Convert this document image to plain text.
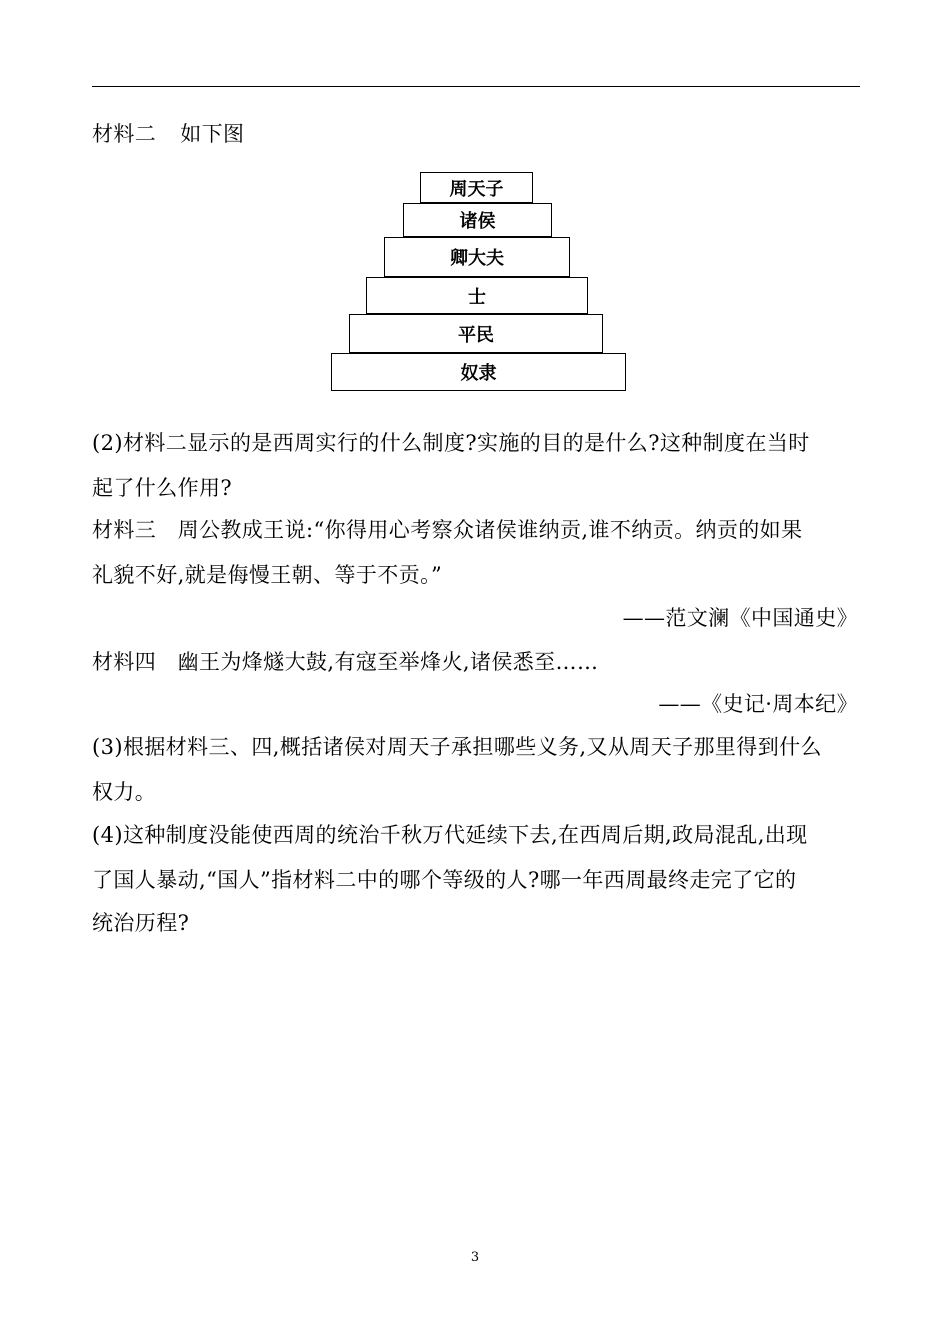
材料二 如下图
周天子
诸侯
卿大夫
士
平民
奴隶
(2)材料二显示的是西周实行的什么制度?实施的目的是什么?这种制度在当时
起了什么作用?
材料三　周公教成王说:“你得用心考察众诸侯谁纳贡,谁不纳贡。纳贡的如果
礼貌不好,就是侮慢王朝、等于不贡。”
——范文澜《中国通史》
材料四　幽王为烽燧大鼓,有寇至举烽火,诸侯悉至……
——《史记·周本纪》
(3)根据材料三、四,概括诸侯对周天子承担哪些义务,又从周天子那里得到什么
权力。
(4)这种制度没能使西周的统治千秋万代延续下去,在西周后期,政局混乱,出现
了国人暴动,“国人”指材料二中的哪个等级的人?哪一年西周最终走完了它的
统治历程?
3
